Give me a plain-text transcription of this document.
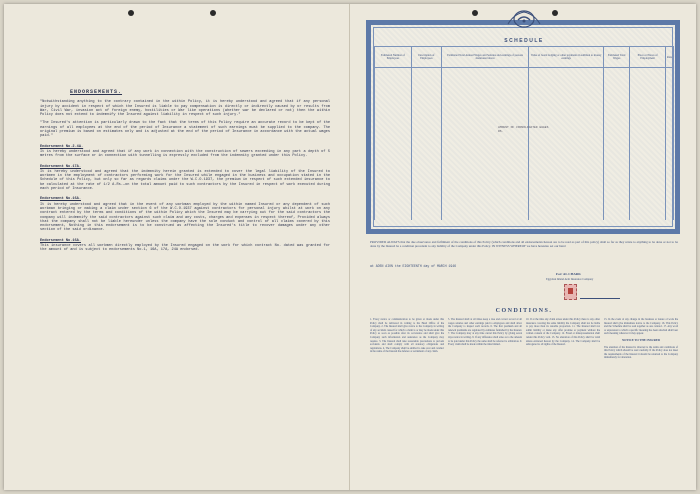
ENDORSEMENTS.

"Notwithstanding anything to the contrary contained in the within Policy, it is hereby understood and agreed that if any personal injury by accident in respect of which the Insured is liable to pay compensation is directly or indirectly caused by or results from War, Civil War, invasion act of foreign enemy, hostilities or War like operations (whether war be declared or not) then the within Policy does not extend to indemnify the Insured against liability in respect of such injury."

"The Insured's attention is particularly drawn to the fact that the terms of this Policy require an accurate record to be kept of the earnings of all employees at the end of the period of Insurance a statement of such earnings must be supplied to the company. The original premium is based on estimates only and is adjusted at the end of the period of Insurance in accordance with the actual wages paid."

Endorsement No.2.4A.

It is hereby understood and agreed that if any work in connection with the construction of sewers exceeding in any part a depth of 5 metres from the surface or in connection with tunnelling is expressly excluded from the indemnity granted under this Policy.

Endorsement No.17A.

It is hereby understood and agreed that the indemnity herein granted is extended to cover the legal liability of the Insured to workmen in the employment of contractors performing work for the Insured while engaged in the business and occupation stated in the Schedule of this Policy, but only so far as regards claims under the W.C.O.1937, the premium in respect of such extended insurance to be calculated at the rate of 1/2 A.Rs.—on the total amount paid to such contractors by the Insured in respect of work executed during each period of Insurance.

Endorsement No.16A.

It is hereby understood and agreed that in the event of any workman employed by the within named Insured or any dependent of such workman bringing or making a claim under section 6 of the W.C.O.1937 against contractors for personal injury whilst at work on any contract entered by the terms and conditions of the within Policy which the Insured may be carrying out for the said contractors the company will indemnify the said contractors against such claim and any costs, charges and expenses in respect thereof, Provided always that the company shall not be liable hereunder unless the company have the sole conduct and control of all claims covered by this endorsement, Nothing in this endorsement is to be construed as affecting the Insured's title to recover damages under any other section of the said ordinance.

Endorsement No.16A.

This insurance covers all workmen directly employed by the Insured engaged on the work for which contract No. dated was granted for the amount of and is subject to endorsements No.1, 16A, 17A, 24A endorsed.

SCHEDULE
Estimated Number of Employees	Description of Employees	Estimated Total Annual Wages and Salaries and earnings of persons mentioned above	Value of board lodging or other payments in addition to money earnings	Estimated Total Wages	Place or Places of Employment	Rate

AMOUNT OF CONSOLIDATED WAGES
RS.
PROVIDED ALWAYS that the due observance and fulfilment of the conditions of this Policy (which conditions and all endorsements hereon are to be read as part of this policy) shall so far as they relate to anything to be done or not to be done by the Insured be a condition precedent to any liability of the Company under this Policy. IN WITNESS WHEREOF we have hereunto set our hand
at ADEN AION the EIGHTEENTH day of MARCH 1946
For/ AL CHARK
Egyptian Inland Arab Insurance Company
CONDITIONS.
1. Every notice or communication to be given or made under this Policy shall be delivered in writing to the Head Office of the Company. 2. The Insured shall give notice to the Company in writing of any accident caused for which a claim is or may be made under this Policy as soon as possible after its occurrence and shall give the Company such information and assistance as the Company may require. 3. The Insured shall take reasonable precautions to prevent accidents and shall comply with all statutory obligations and regulations. 4. The Company shall be entitled to take over and conduct in the name of the Insured the defence or settlement of any claim.
5. The Insured shall at all times keep a true and correct record of all wages salaries and other earnings paid to employees and shall allow the Company to inspect such records. 6. The first premium and all renewal premiums are regulated by estimates furnished by the Insured. 7. The Company may at any time cancel this Policy by giving seven days notice in writing. 8. If any difference shall arise as to the amount to be paid under this Policy the same shall be referred to arbitration. 9. Every claim shall be made within the time limited.
10. If at the time any claim arises under this Policy there is any other insurance covering the same liability the Company shall not be liable to pay more than its rateable proportion. 11. The Insured shall not admit liability or make any offer promise or payment without the written consent of the Company. 12. Fraud or misrepresentation shall render this Policy void. 13. No alteration of this Policy shall be valid unless endorsed hereon by the Company. 14. The Company shall be subrogated to all rights of the Insured.
15. In the event of any change in the business or nature of work the Insured shall give immediate notice to the Company. 16. This Policy and the Schedule shall be read together as one contract. 17. Any word or expression to which a specific meaning has been attached shall bear such meaning wherever it may appear.
NOTICE TO THE INSURED
The attention of the Insured is directed to the terms and conditions of this Policy which should be read carefully. If the Policy does not meet the requirements of the Insured it should be returned to the Company immediately for alteration.
